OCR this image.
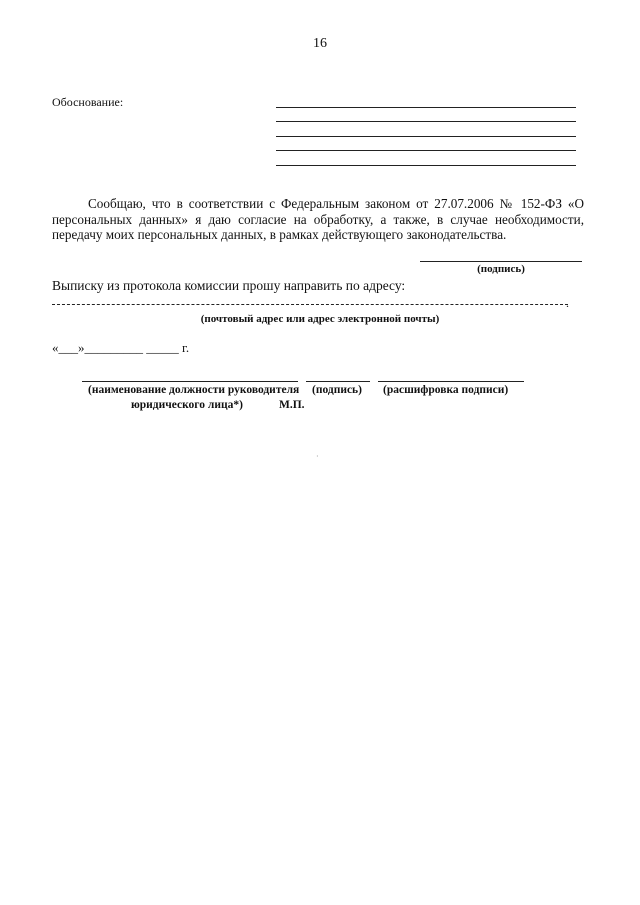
16
Обоснование:
Сообщаю, что в соответствии с Федеральным законом от 27.07.2006 № 152-ФЗ «О
персональных данных» я даю согласие на обработку, а также, в случае необходимости,
передачу моих персональных данных, в рамках действующего законодательства.
(подпись)
Выписку из протокола комиссии прошу направить по адресу:
.
(почтовый адрес или адрес электронной почты)
«___»_________ _____ г.
(наименование должности руководителя
юридического лица*)	М.П.
(подпись) (расшифровка подписи)
·
